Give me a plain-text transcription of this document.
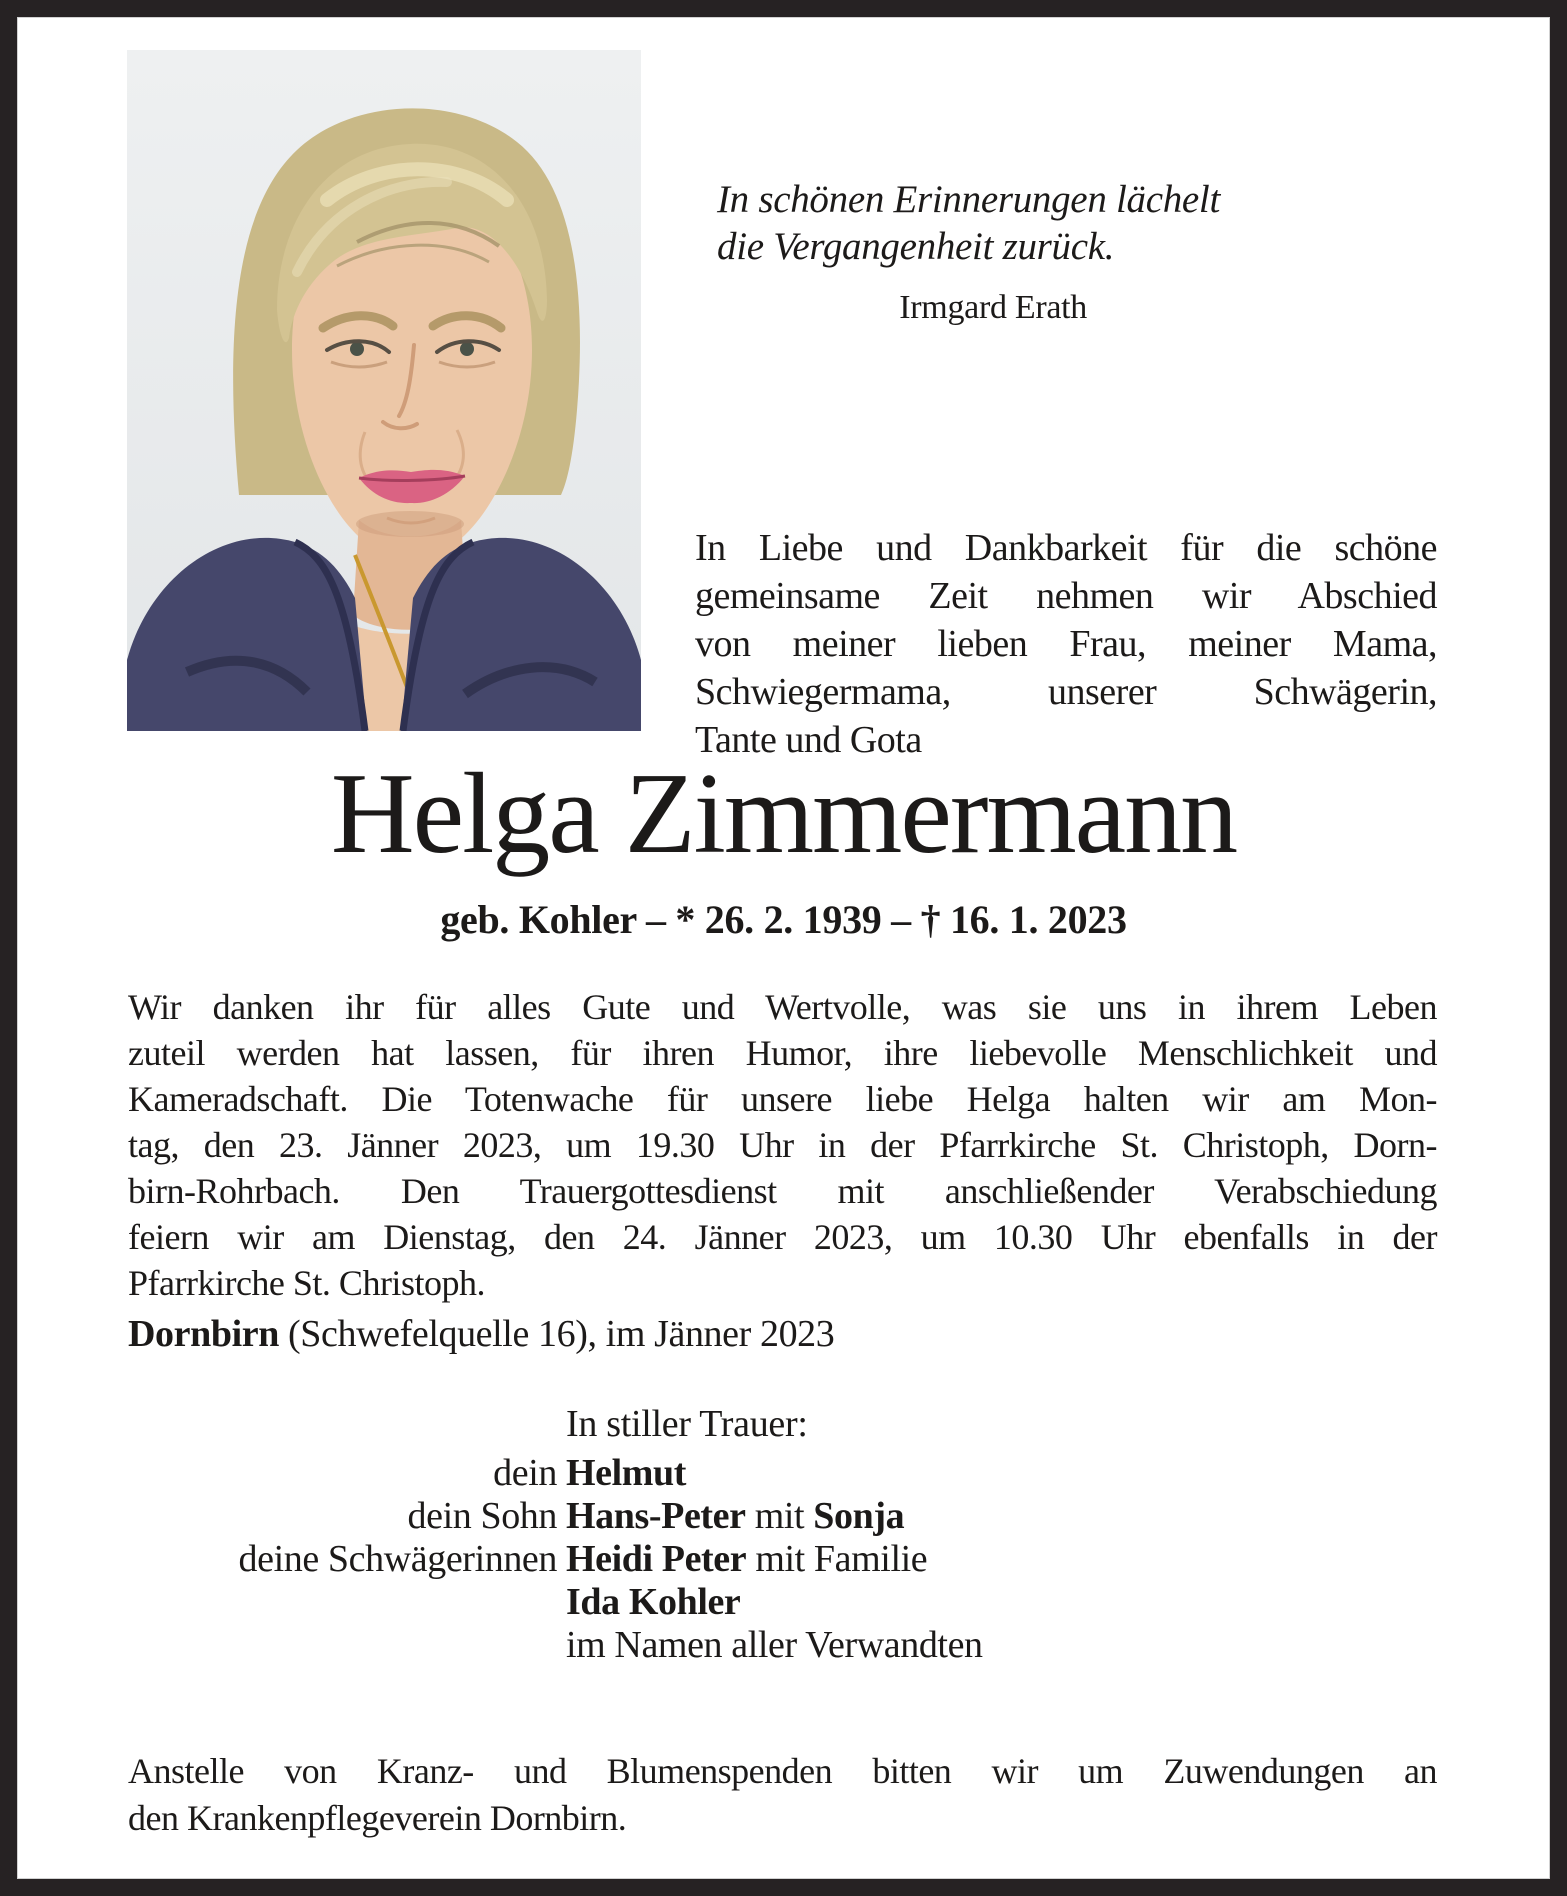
In schönen Erinnerungen lächelt
die Vergangenheit zurück.
Irmgard Erath
In Liebe und Dankbarkeit für die schöne
gemeinsame Zeit nehmen wir Abschied
von meiner lieben Frau, meiner Mama,
Schwiegermama, unserer Schwägerin,
Tante und Gota
Helga Zimmermann
geb. Kohler – * 26. 2. 1939 – † 16. 1. 2023
Wir danken ihr für alles Gute und Wertvolle, was sie uns in ihrem Leben
zuteil werden hat lassen, für ihren Humor, ihre liebevolle Menschlichkeit und
Kameradschaft. Die Totenwache für unsere liebe Helga halten wir am Mon-
tag, den 23. Jänner 2023, um 19.30 Uhr in der Pfarrkirche St. Christoph, Dorn-
birn-Rohrbach. Den Trauergottesdienst mit anschließender Verabschiedung
feiern wir am Dienstag, den 24. Jänner 2023, um 10.30 Uhr ebenfalls in der
Pfarrkirche St. Christoph.
Dornbirn (Schwefelquelle 16), im Jänner 2023
In stiller Trauer:
dein Helmut
dein Sohn Hans-Peter mit Sonja
deine Schwägerinnen Heidi Peter mit Familie
Ida Kohler
im Namen aller Verwandten
Anstelle von Kranz- und Blumenspenden bitten wir um Zuwendungen an
den Krankenpflegeverein Dornbirn.
